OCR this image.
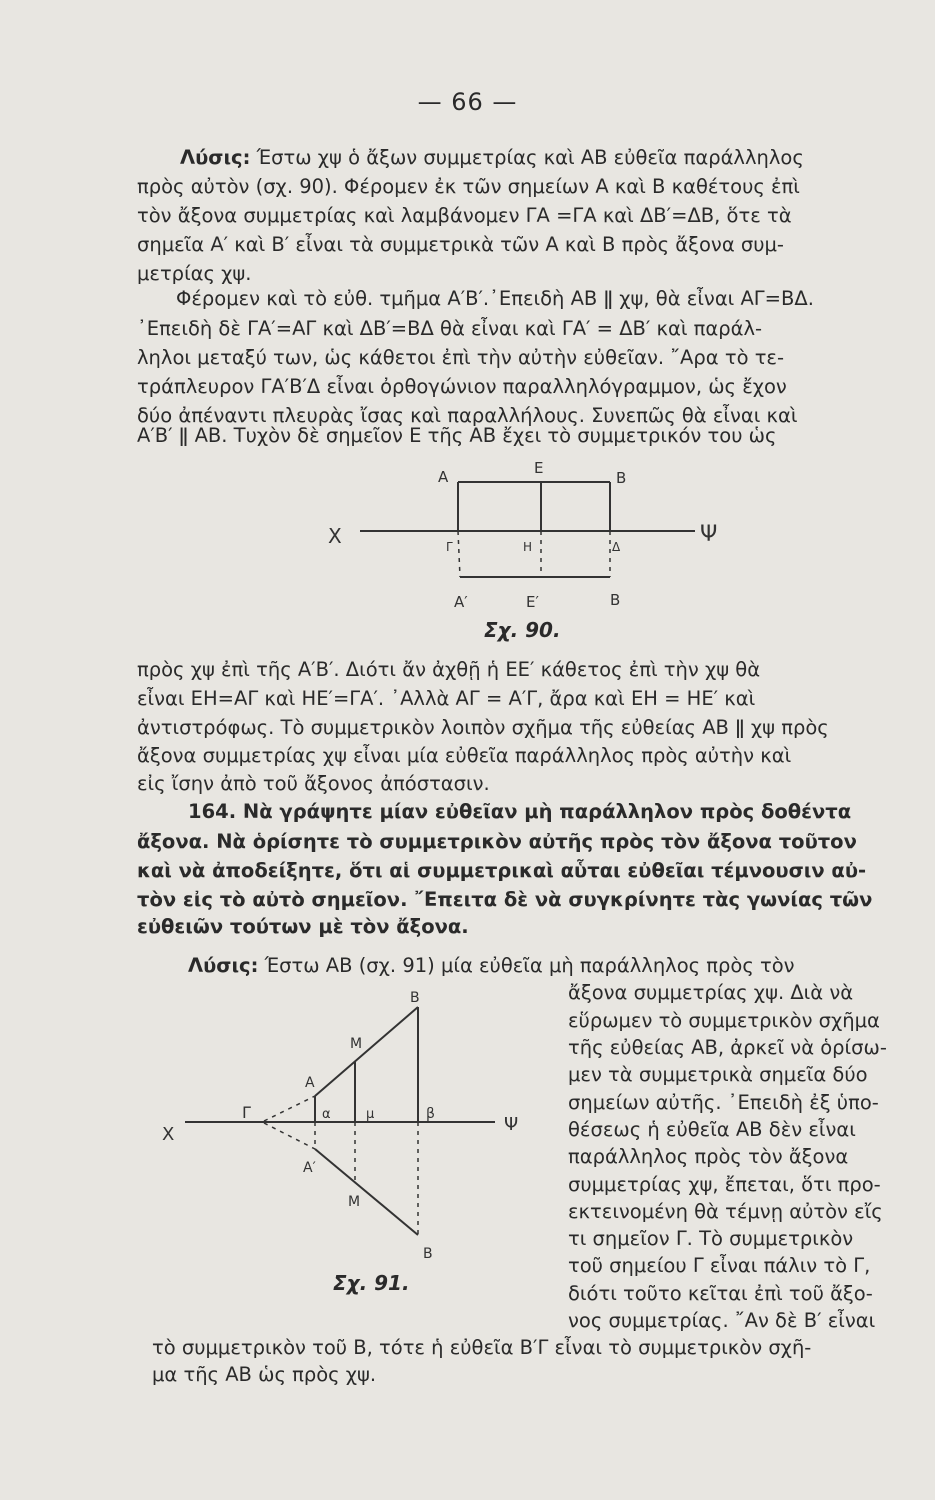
— 66 —
Λύσις: Έστω χψ ὁ ἄξων συμμετρίας καὶ ΑΒ εὐθεῖα παράλληλος
πρὸς αὐτὸν (σχ. 90). Φέρομεν ἐκ τῶν σημείων Α καὶ Β καθέτους ἐπὶ
τὸν ἄξονα συμμετρίας καὶ λαμβάνομεν ΓΑ =ΓΑ καὶ ΔΒ′=ΔΒ, ὅτε τὰ
σημεῖα Α′ καὶ Β′ εἶναι τὰ συμμετρικὰ τῶν Α καὶ Β πρὸς ἄξονα συμ-
μετρίας χψ.
Φέρομεν καὶ τὸ εὐθ. τμῆμα Α′Β′.᾿Επειδὴ ΑΒ ǁ χψ, θὰ εἶναι ΑΓ=ΒΔ.
᾿Επειδὴ δὲ ΓΑ′=ΑΓ καὶ ΔΒ′=ΒΔ θὰ εἶναι καὶ ΓΑ′ = ΔΒ′ καὶ παράλ-
ληλοι μεταξύ των, ὡς κάθετοι ἐπὶ τὴν αὐτὴν εὐθεῖαν. ῎Αρα τὸ τε-
τράπλευρον ΓΑ′Β′Δ εἶναι ὀρθογώνιον παραλληλόγραμμον, ὡς ἔχον
δύο ἀπέναντι πλευρὰς ἴσας καὶ παραλλήλους. Συνεπῶς θὰ εἶναι καὶ
Α′Β′ ǁ ΑΒ. Τυχὸν δὲ σημεῖον Ε τῆς ΑΒ ἔχει τὸ συμμετρικόν του ὡς
Α	Ε
Β
Χ	Γ	Η	Δ	Ψ
Α′	Ε′	Β
Σχ. 90.
πρὸς χψ ἐπὶ τῆς Α′Β′. Διότι ἄν ἀχθῇ ἡ ΕΕ′ κάθετος ἐπὶ τὴν χψ θὰ
εἶναι ΕΗ=ΑΓ καὶ ΗΕ′=ΓΑ′. ᾿Αλλὰ ΑΓ = Α′Γ, ἄρα καὶ ΕΗ = ΗΕ′ καὶ
ἀντιστρόφως. Τὸ συμμετρικὸν λοιπὸν σχῆμα τῆς εὐθείας ΑΒ ǁ χψ πρὸς
ἄξονα συμμετρίας χψ εἶναι μία εὐθεῖα παράλληλος πρὸς αὐτὴν καὶ
εἰς ἴσην ἀπὸ τοῦ ἄξονος ἀπόστασιν.
164. Νὰ γράψητε μίαν εὐθεῖαν μὴ παράλληλον πρὸς δοθέντα
ἄξονα. Νὰ ὁρίσητε τὸ συμμετρικὸν αὐτῆς πρὸς τὸν ἄξονα τοῦτον
καὶ νὰ ἀποδείξητε, ὅτι αἱ συμμετρικαὶ αὗται εὐθεῖαι τέμνουσιν αὐ-
τὸν εἰς τὸ αὐτὸ σημεῖον. ῎Επειτα δὲ νὰ συγκρίνητε τὰς γωνίας τῶν
εὐθειῶν τούτων μὲ τὸν ἄξονα.
Λύσις: Έστω ΑΒ (σχ. 91) μία εὐθεῖα μὴ παράλληλος πρὸς τὸν
ἄξονα συμμετρίας χψ. Διὰ νὰ
εὕρωμεν τὸ συμμετρικὸν σχῆμα
τῆς εὐθείας ΑΒ, ἀρκεῖ νὰ ὁρίσω-
μεν τὰ συμμετρικὰ σημεῖα δύο
σημείων αὐτῆς. ᾿Επειδὴ ἐξ ὑπο-
θέσεως ἡ εὐθεῖα ΑΒ δὲν εἶναι
παράλληλος πρὸς τὸν ἄξονα
συμμετρίας χψ, ἔπεται, ὅτι προ-
εκτεινομένη θὰ τέμνῃ αὐτὸν εἴς
τι σημεῖον Γ. Τὸ συμμετρικὸν
τοῦ σημείου Γ εἶναι πάλιν τὸ Γ,
διότι τοῦτο κεῖται ἐπὶ τοῦ ἄξο-
νος συμμετρίας. ῎Αν δὲ Β′ εἶναι
τὸ συμμετρικὸν τοῦ Β, τότε ἡ εὐθεῖα Β′Γ εἶναι τὸ συμμετρικὸν σχῆ-
μα τῆς ΑΒ ὡς πρὸς χψ.
Β
Μ
Α
Χ
Γ	α	μ	β	Ψ
Α′
Μ
Β
Σχ. 91.
